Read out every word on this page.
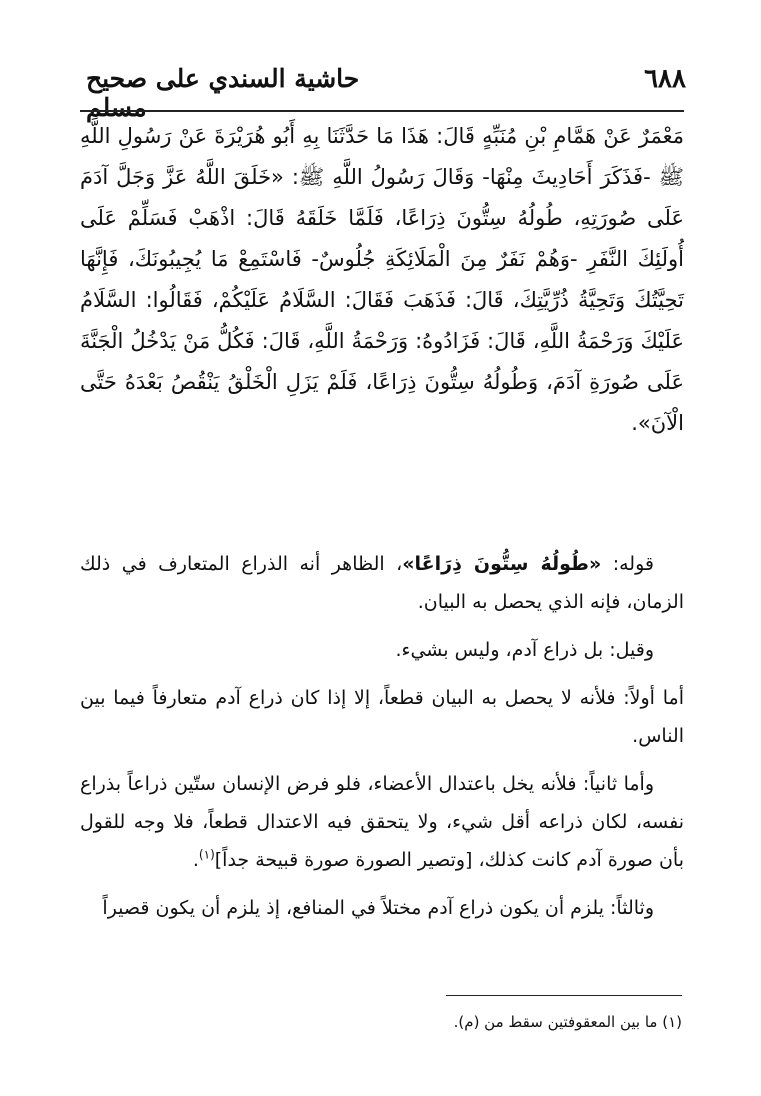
٦٨٨
حاشية السندي على صحيح مسلم
مَعْمَرٌ عَنْ هَمَّامِ بْنِ مُنَبِّهٍ قَالَ: هَذَا مَا حَدَّثَنَا بِهِ أَبُو هُرَيْرَةَ عَنْ رَسُولِ اللَّهِ ﷺ -فَذَكَرَ أَحَادِيثَ مِنْهَا- وَقَالَ رَسُولُ اللَّهِ ﷺ: «خَلَقَ اللَّهُ عَزَّ وَجَلَّ آدَمَ عَلَى صُورَتِهِ، طُولُهُ سِتُّونَ ذِرَاعًا، فَلَمَّا خَلَقَهُ قَالَ: اذْهَبْ فَسَلِّمْ عَلَى أُولَئِكَ النَّفَرِ -وَهُمْ نَفَرٌ مِنَ الْمَلَائِكَةِ جُلُوسٌ- فَاسْتَمِعْ مَا يُجِيبُونَكَ، فَإِنَّهَا تَحِيَّتُكَ وَتَحِيَّةُ ذُرِّيَّتِكَ، قَالَ: فَذَهَبَ فَقَالَ: السَّلَامُ عَلَيْكُمْ، فَقَالُوا: السَّلَامُ عَلَيْكَ وَرَحْمَةُ اللَّهِ، قَالَ: فَزَادُوهُ: وَرَحْمَةُ اللَّهِ، قَالَ: فَكُلُّ مَنْ يَدْخُلُ الْجَنَّةَ عَلَى صُورَةِ آدَمَ، وَطُولُهُ سِتُّونَ ذِرَاعًا، فَلَمْ يَزَلِ الْخَلْقُ يَنْقُصُ بَعْدَهُ حَتَّى الْآنَ».

قوله: «طُولُهُ سِتُّونَ ذِرَاعًا»، الظاهر أنه الذراع المتعارف في ذلك الزمان، فإنه الذي يحصل به البيان.

وقيل: بل ذراع آدم، وليس بشيء.

أما أولاً: فلأنه لا يحصل به البيان قطعاً، إلا إذا كان ذراع آدم متعارفاً فيما بين الناس.

وأما ثانياً: فلأنه يخل باعتدال الأعضاء، فلو فرض الإنسان ستّين ذراعاً بذراع نفسه، لكان ذراعه أقل شيء، ولا يتحقق فيه الاعتدال قطعاً، فلا وجه للقول بأن صورة آدم كانت كذلك، [وتصير الصورة صورة قبيحة جداً]$^{(١)}$.

وثالثاً: يلزم أن يكون ذراع آدم مختلاً في المنافع، إذ يلزم أن يكون قصيراً

(١) ما بين المعقوفتين سقط من (م).
